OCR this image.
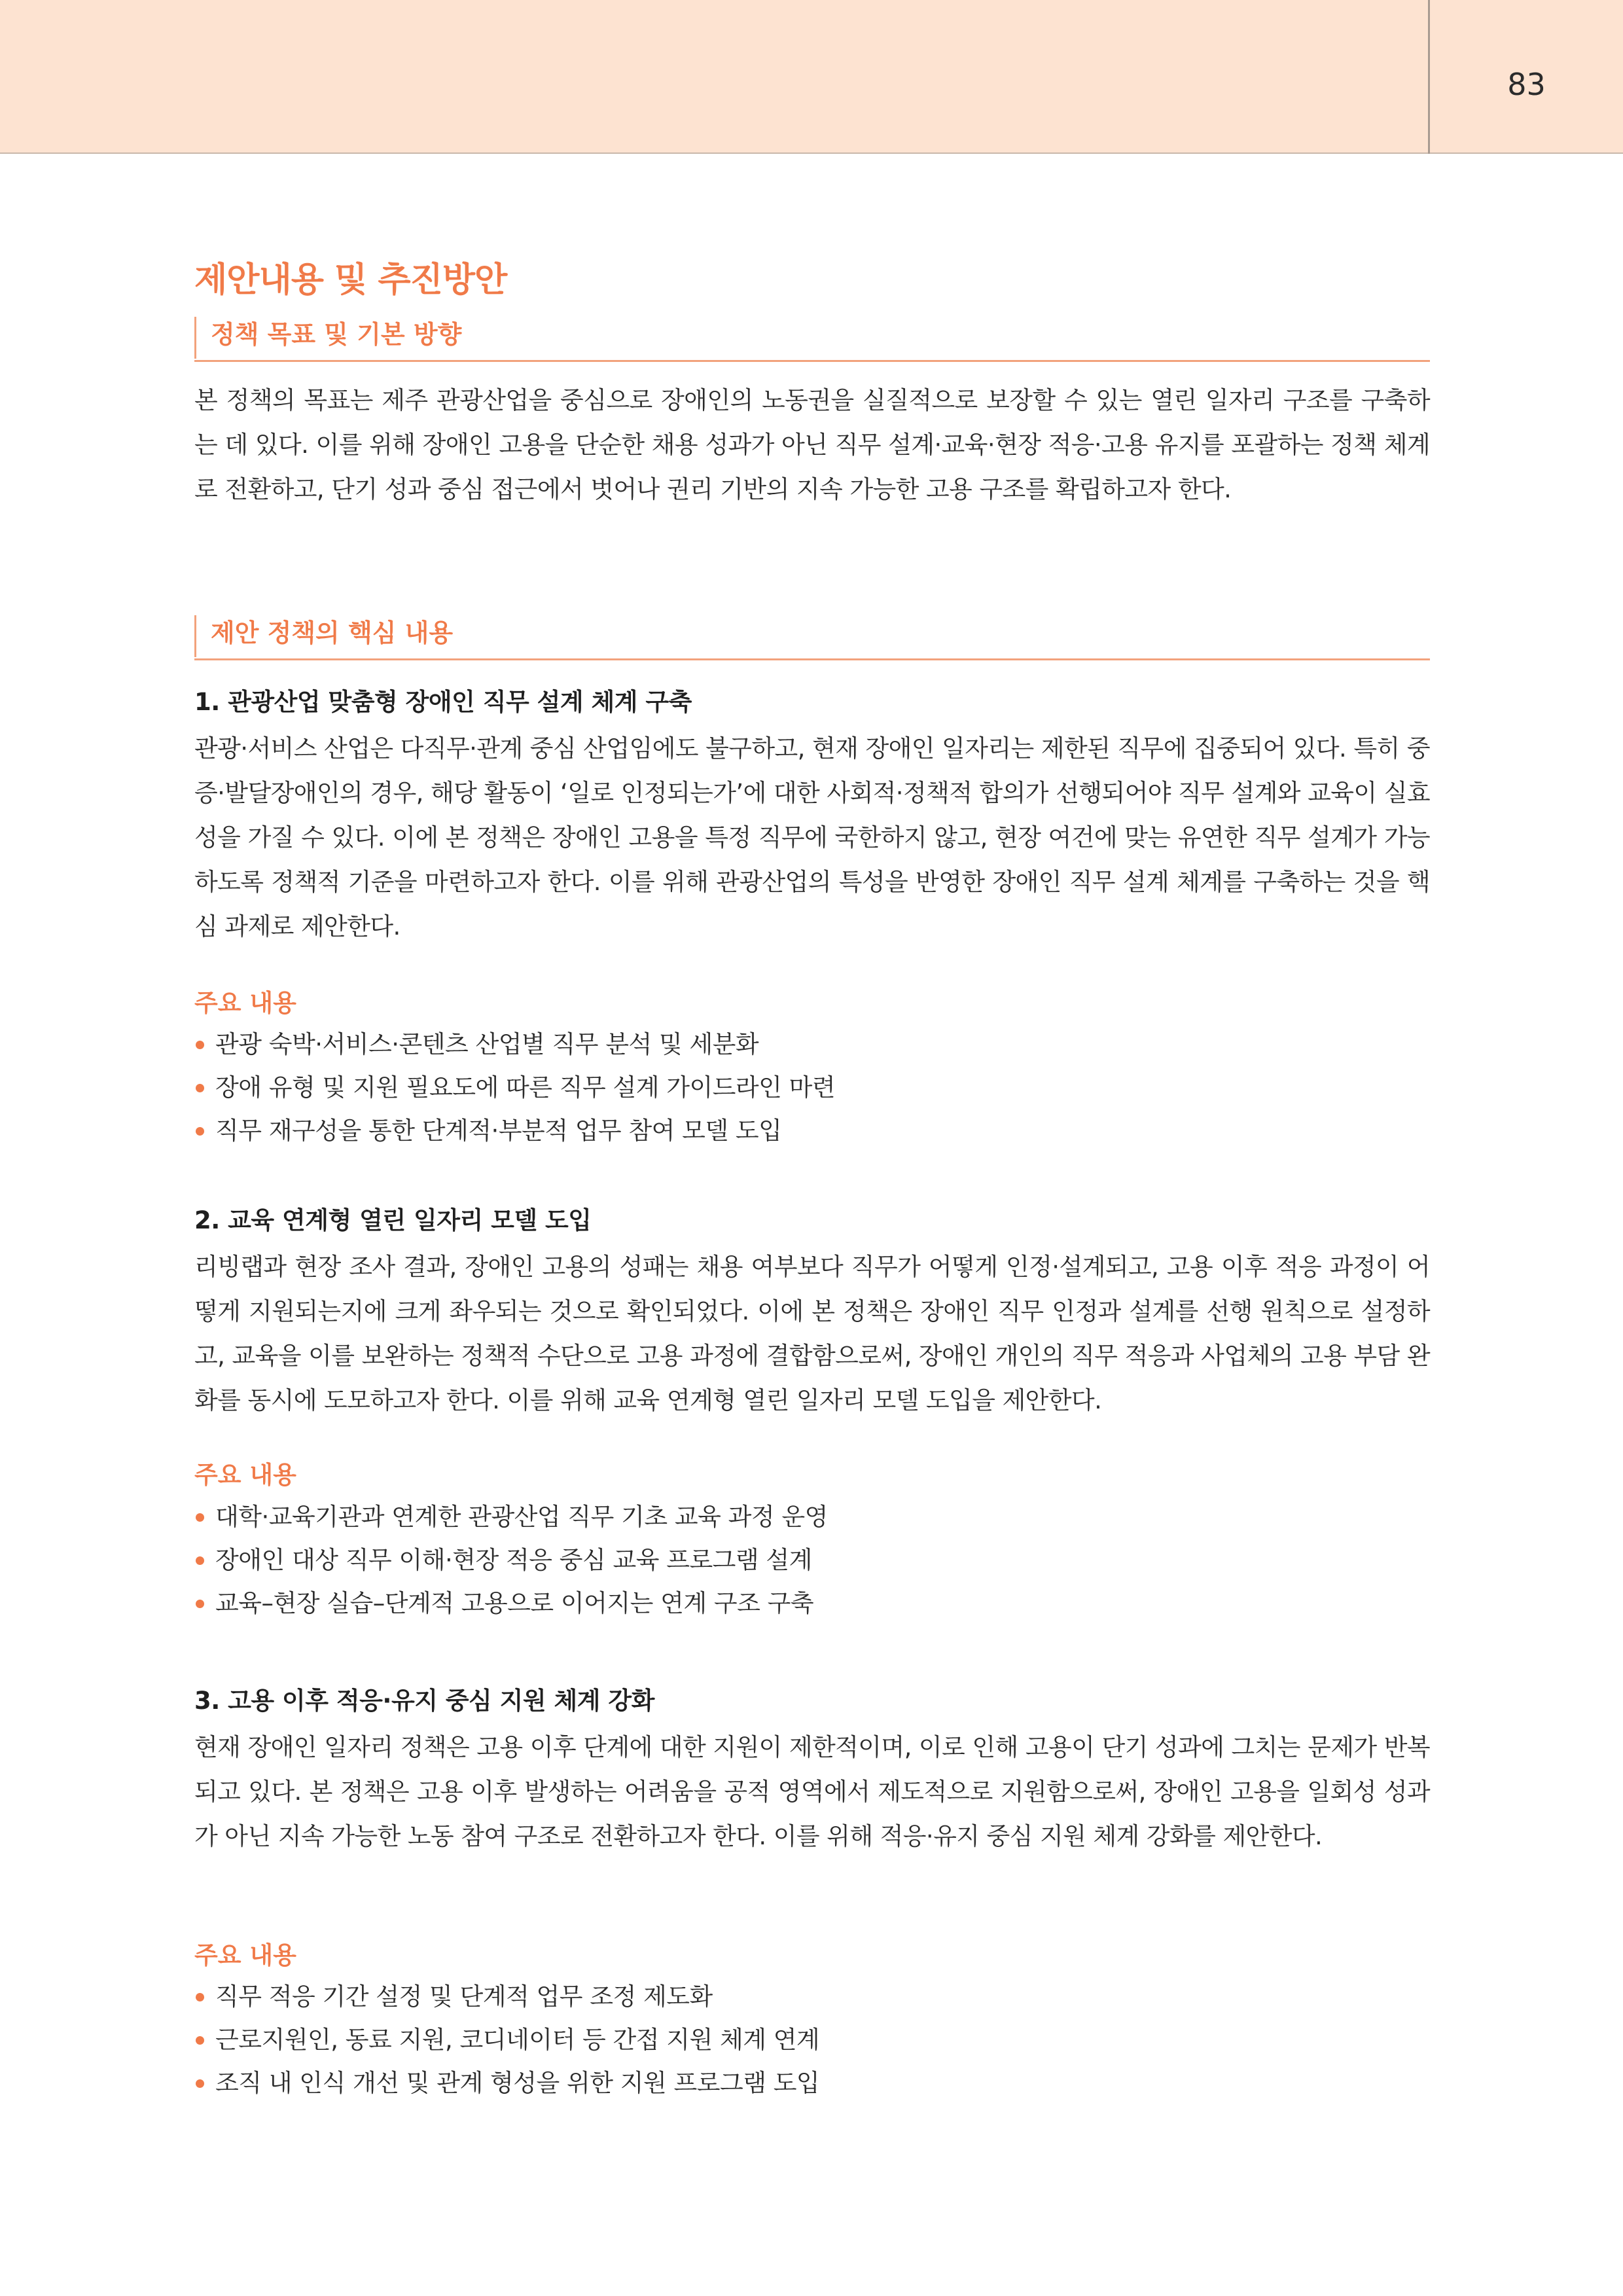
83
제안내용 및 추진방안
정책 목표 및 기본 방향

본 정책의 목표는 제주 관광산업을 중심으로 장애인의 노동권을 실질적으로 보장할 수 있는 열린 일자리 구조를 구축하는 데 있다. 이를 위해 장애인 고용을 단순한 채용 성과가 아닌 직무 설계·교육·현장 적응·고용 유지를 포괄하는 정책 체계로 전환하고, 단기 성과 중심 접근에서 벗어나 권리 기반의 지속 가능한 고용 구조를 확립하고자 한다.

제안 정책의 핵심 내용
1. 관광산업 맞춤형 장애인 직무 설계 체계 구축

관광·서비스 산업은 다직무·관계 중심 산업임에도 불구하고, 현재 장애인 일자리는 제한된 직무에 집중되어 있다. 특히 중증·발달장애인의 경우, 해당 활동이 ‘일로 인정되는가’에 대한 사회적·정책적 합의가 선행되어야 직무 설계와 교육이 실효성을 가질 수 있다. 이에 본 정책은 장애인 고용을 특정 직무에 국한하지 않고, 현장 여건에 맞는 유연한 직무 설계가 가능하도록 정책적 기준을 마련하고자 한다. 이를 위해 관광산업의 특성을 반영한 장애인 직무 설계 체계를 구축하는 것을 핵심 과제로 제안한다.

주요 내용
관광 숙박·서비스·콘텐츠 산업별 직무 분석 및 세분화
장애 유형 및 지원 필요도에 따른 직무 설계 가이드라인 마련
직무 재구성을 통한 단계적·부분적 업무 참여 모델 도입
2. 교육 연계형 열린 일자리 모델 도입

리빙랩과 현장 조사 결과, 장애인 고용의 성패는 채용 여부보다 직무가 어떻게 인정·설계되고, 고용 이후 적응 과정이 어떻게 지원되는지에 크게 좌우되는 것으로 확인되었다. 이에 본 정책은 장애인 직무 인정과 설계를 선행 원칙으로 설정하고, 교육을 이를 보완하는 정책적 수단으로 고용 과정에 결합함으로써, 장애인 개인의 직무 적응과 사업체의 고용 부담 완화를 동시에 도모하고자 한다. 이를 위해 교육 연계형 열린 일자리 모델 도입을 제안한다.

주요 내용
대학·교육기관과 연계한 관광산업 직무 기초 교육 과정 운영
장애인 대상 직무 이해·현장 적응 중심 교육 프로그램 설계
교육–현장 실습–단계적 고용으로 이어지는 연계 구조 구축
3. 고용 이후 적응·유지 중심 지원 체계 강화

현재 장애인 일자리 정책은 고용 이후 단계에 대한 지원이 제한적이며, 이로 인해 고용이 단기 성과에 그치는 문제가 반복되고 있다. 본 정책은 고용 이후 발생하는 어려움을 공적 영역에서 제도적으로 지원함으로써, 장애인 고용을 일회성 성과가 아닌 지속 가능한 노동 참여 구조로 전환하고자 한다. 이를 위해 적응·유지 중심 지원 체계 강화를 제안한다.

주요 내용
직무 적응 기간 설정 및 단계적 업무 조정 제도화
근로지원인, 동료 지원, 코디네이터 등 간접 지원 체계 연계
조직 내 인식 개선 및 관계 형성을 위한 지원 프로그램 도입
